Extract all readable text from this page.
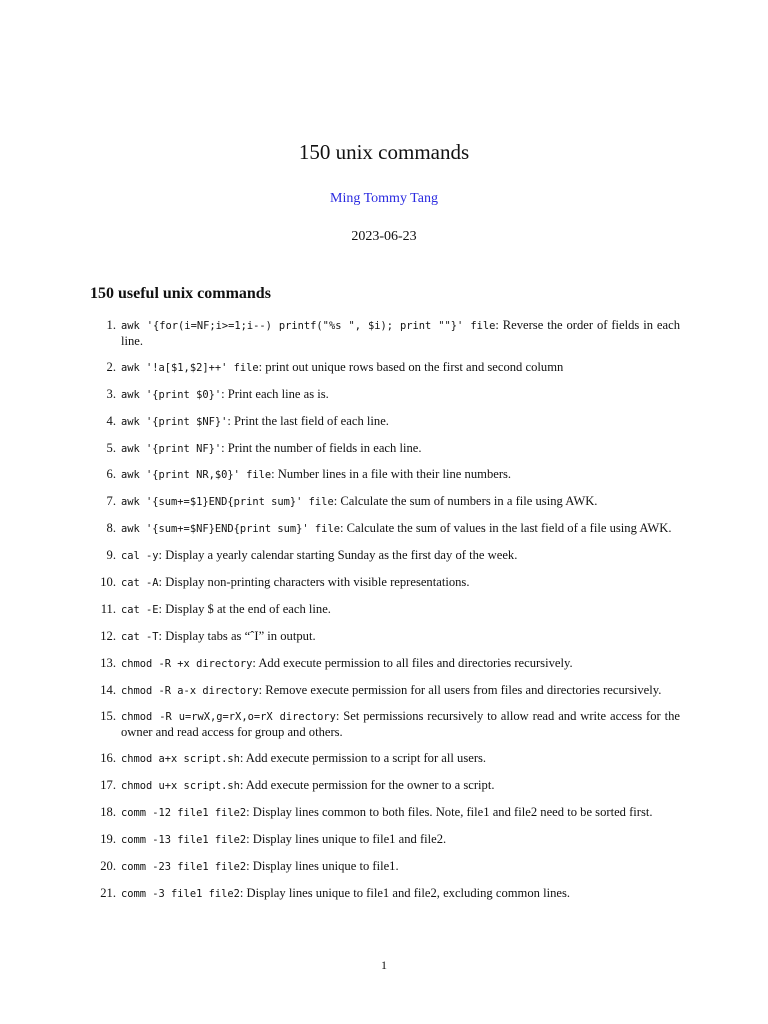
150 unix commands
Ming Tommy Tang
2023-06-23
150 useful unix commands
1. awk '{for(i=NF;i>=1;i--) printf("%s ", $i); print ""}' file: Reverse the order of fields in each line.
2. awk '!a[$1,$2]++' file: print out unique rows based on the first and second column
3. awk '{print $0}': Print each line as is.
4. awk '{print $NF}': Print the last field of each line.
5. awk '{print NF}': Print the number of fields in each line.
6. awk '{print NR,$0}' file: Number lines in a file with their line numbers.
7. awk '{sum+=$1}END{print sum}' file: Calculate the sum of numbers in a file using AWK.
8. awk '{sum+=$NF}END{print sum}' file: Calculate the sum of values in the last field of a file using AWK.
9. cal -y: Display a yearly calendar starting Sunday as the first day of the week.
10. cat -A: Display non-printing characters with visible representations.
11. cat -E: Display $ at the end of each line.
12. cat -T: Display tabs as “ˆI” in output.
13. chmod -R +x directory: Add execute permission to all files and directories recursively.
14. chmod -R a-x directory: Remove execute permission for all users from files and directories recursively.
15. chmod -R u=rwX,g=rX,o=rX directory: Set permissions recursively to allow read and write access for the owner and read access for group and others.
16. chmod a+x script.sh: Add execute permission to a script for all users.
17. chmod u+x script.sh: Add execute permission for the owner to a script.
18. comm -12 file1 file2: Display lines common to both files. Note, file1 and file2 need to be sorted first.
19. comm -13 file1 file2: Display lines unique to file1 and file2.
20. comm -23 file1 file2: Display lines unique to file1.
21. comm -3 file1 file2: Display lines unique to file1 and file2, excluding common lines.
1
